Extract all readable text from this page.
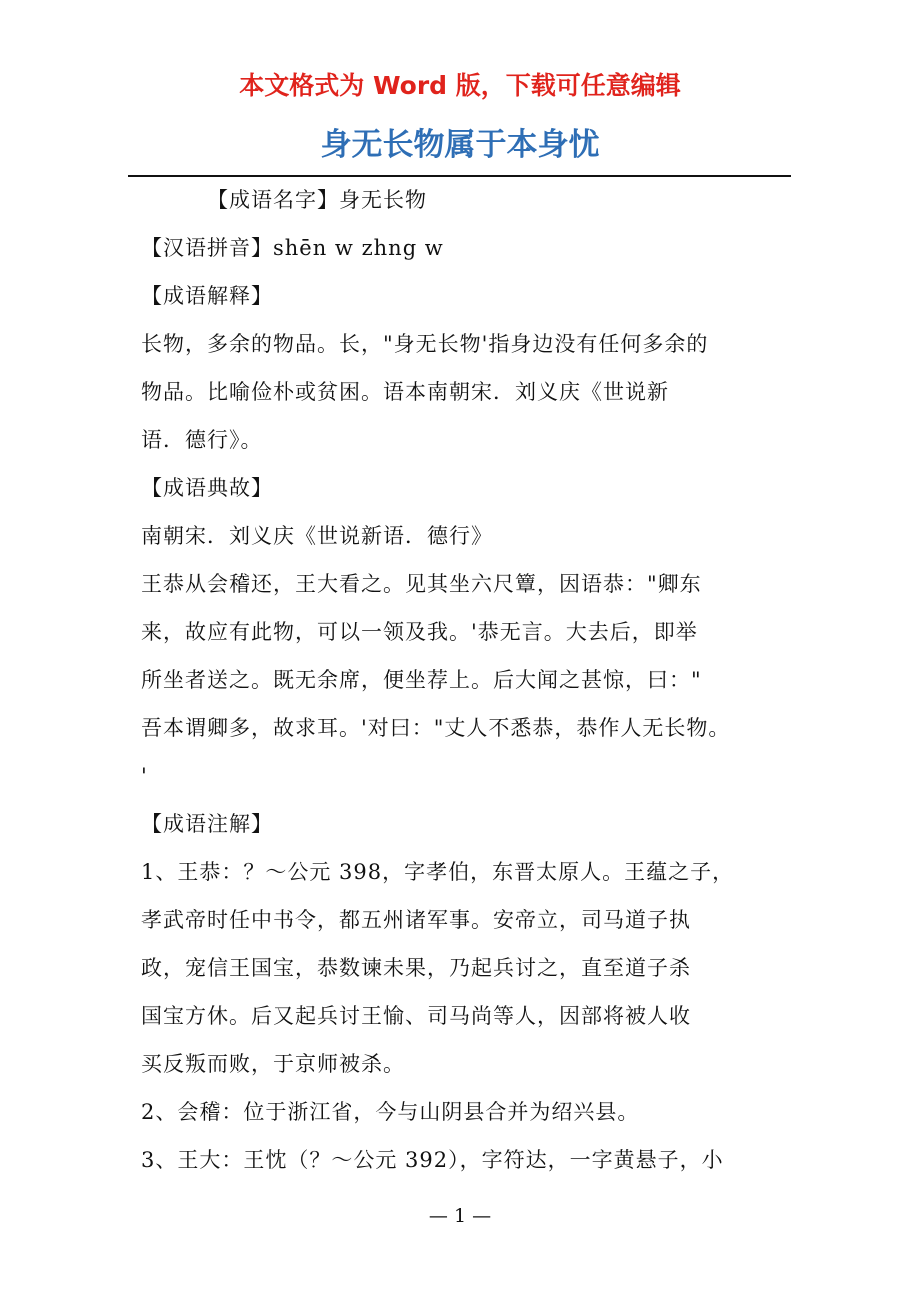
本文格式为 Word 版，下载可任意编辑
身无长物属于本身忧
【成语名字】身无长物
【汉语拼音】shēn w zhng w
【成语解释】
长物，多余的物品。长，"身无长物'指身边没有任何多余的
物品。比喻俭朴或贫困。语本南朝宋．刘义庆《世说新
语．德行》。
【成语典故】
南朝宋．刘义庆《世说新语．德行》
王恭从会稽还，王大看之。见其坐六尺簟，因语恭："卿东
来，故应有此物，可以一领及我。'恭无言。大去后，即举
所坐者送之。既无余席，便坐荐上。后大闻之甚惊，曰："
吾本谓卿多，故求耳。'对曰："丈人不悉恭，恭作人无长物。
'
【成语注解】
1、王恭：？～公元 398，字孝伯，东晋太原人。王蕴之子，
孝武帝时任中书令，都五州诸军事。安帝立，司马道子执
政，宠信王国宝，恭数谏未果，乃起兵讨之，直至道子杀
国宝方休。后又起兵讨王愉、司马尚等人，因部将被人收
买反叛而败，于京师被杀。
2、会稽：位于浙江省，今与山阴县合并为绍兴县。
3、王大：王忱（？～公元 392），字符达，一字黄悬子，小
— 1 —
